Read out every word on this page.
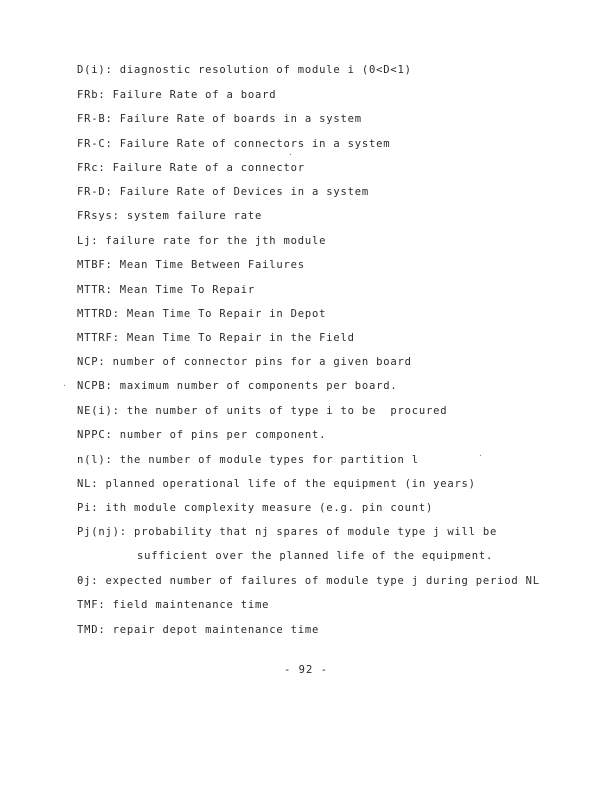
D(i): diagnostic resolution of module i (0<D<1)
FRb: Failure Rate of a board
FR-B: Failure Rate of boards in a system
FR-C: Failure Rate of connectors in a system
FRc: Failure Rate of a connector
FR-D: Failure Rate of Devices in a system
FRsys: system failure rate
Lj: failure rate for the jth module
MTBF: Mean Time Between Failures
MTTR: Mean Time To Repair
MTTRD: Mean Time To Repair in Depot
MTTRF: Mean Time To Repair in the Field
NCP: number of connector pins for a given board
NCPB: maximum number of components per board.
NE(i): the number of units of type i to be  procured
NPPC: number of pins per component.
n(l): the number of module types for partition l
NL: planned operational life of the equipment (in years)
Pi: ith module complexity measure (e.g. pin count)
Pj(nj): probability that nj spares of module type j will be
sufficient over the planned life of the equipment.
θj: expected number of failures of module type j during period NL
TMF: field maintenance time
TMD: repair depot maintenance time
- 92 -
·
·
·
